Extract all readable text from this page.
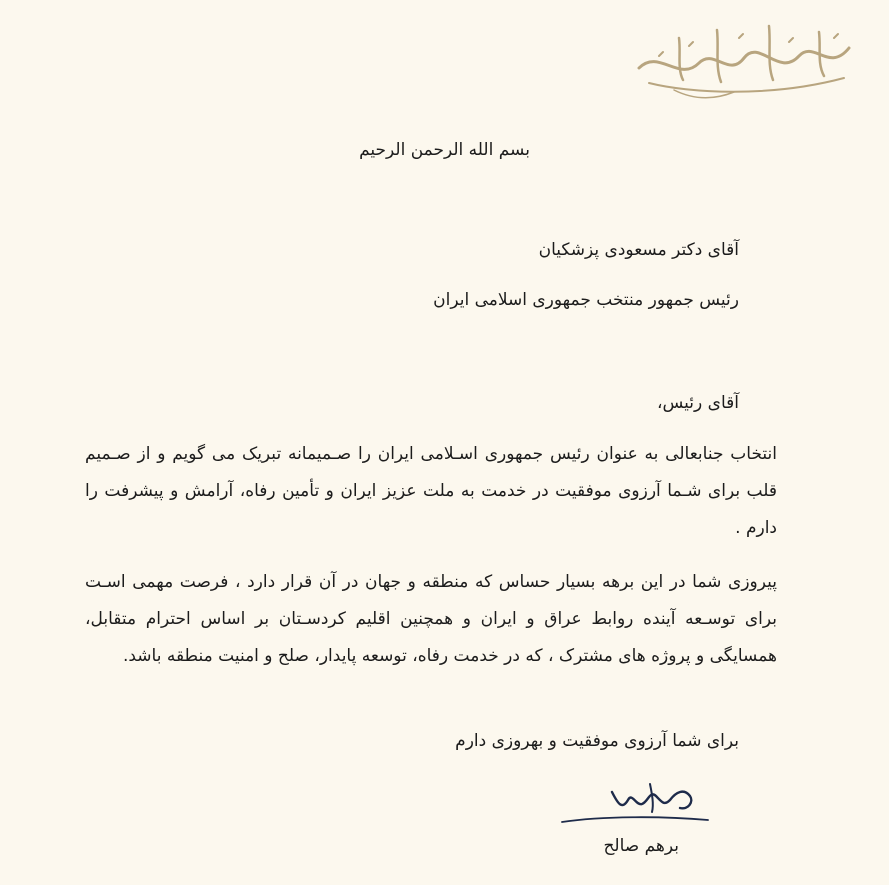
بسم الله الرحمن الرحیم
آقای دکتر مسعودی پزشکیان
رئیس جمهور منتخب جمهوری اسلامی ایران
آقای رئیس،
انتخاب جنابعالی به عنوان رئیس جمهوری اسـلامی ایران را صـمیمانه تبریک می گویم و از صـمیم قلب برای شـما آرزوی موفقیت در خدمت به ملت عزیز ایران و تأمین رفاه، آرامش و پیشرفت را دارم .
پیروزی شما در این برهه بسیار حساس که منطقه و جهان در آن قرار دارد ، فرصت مهمی اسـت برای توسـعه آینده روابط عراق و ایران و همچنین اقلیم کردسـتان بر اساس احترام متقابل، همسایگی و پروژه های مشترک ، که در خدمت رفاه، توسعه پایدار، صلح و امنیت منطقه باشد.
برای شما آرزوی موفقیت و بهروزی دارم
برهم صالح
